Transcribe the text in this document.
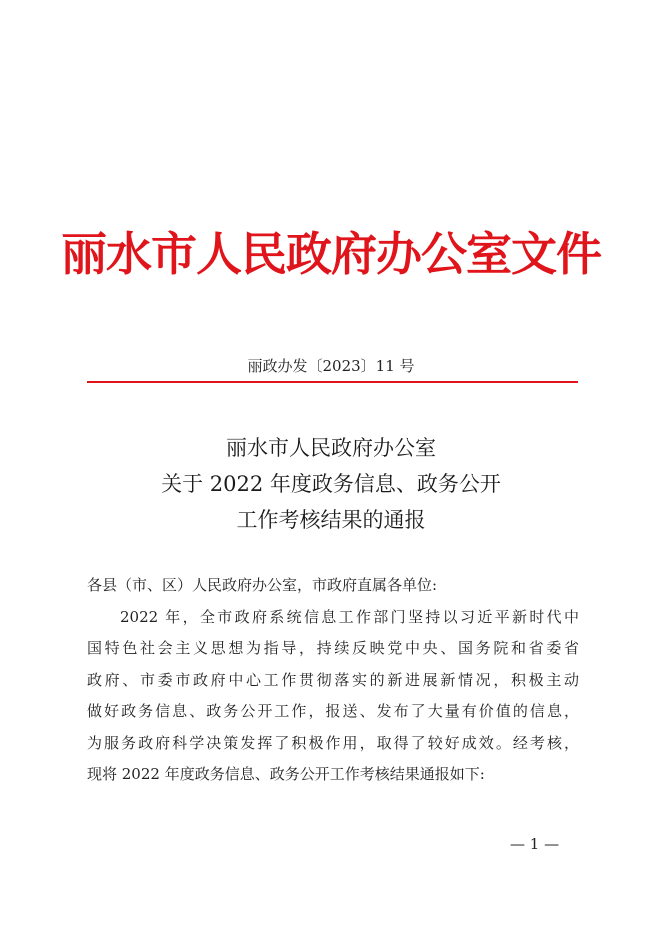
丽水市人民政府办公室文件
丽政办发〔2023〕11 号
丽水市人民政府办公室
关于 2022 年度政务信息、政务公开
工作考核结果的通报
各县（市、区）人民政府办公室，市政府直属各单位:
2022 年，全市政府系统信息工作部门坚持以习近平新时代中
国特色社会主义思想为指导，持续反映党中央、国务院和省委省
政府、市委市政府中心工作贯彻落实的新进展新情况，积极主动
做好政务信息、政务公开工作，报送、发布了大量有价值的信息，
为服务政府科学决策发挥了积极作用，取得了较好成效。经考核，
现将 2022 年度政务信息、政务公开工作考核结果通报如下:
— 1 —
